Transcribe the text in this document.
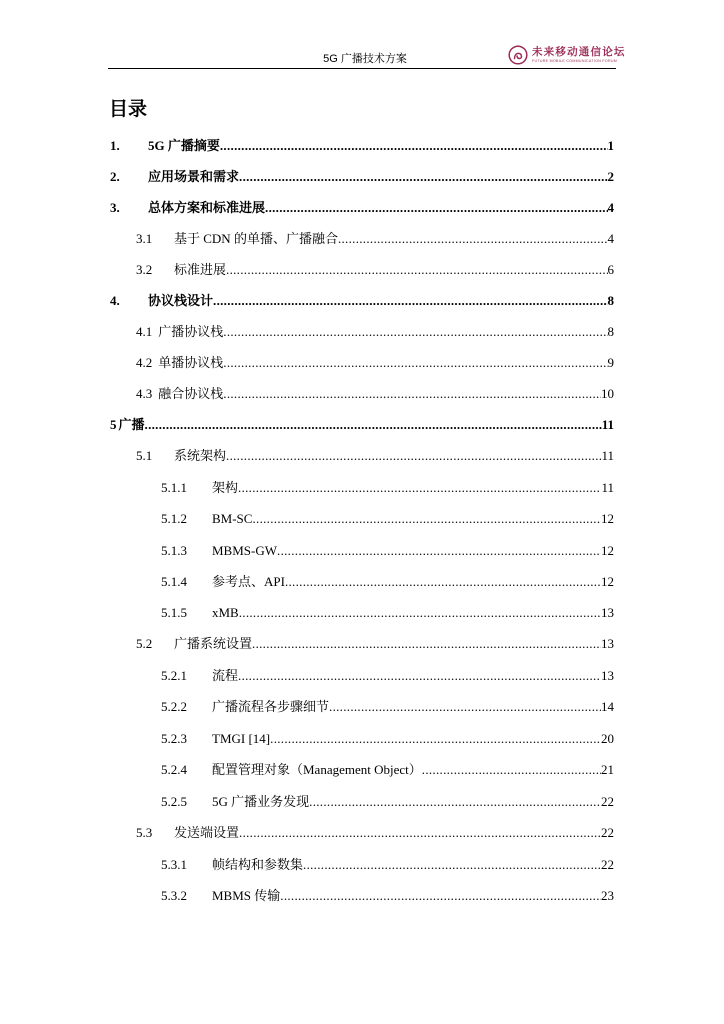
5G 广播技术方案
未来移动通信论坛
FUTURE MOBILE COMMUNICATION FORUM
目录
1.	5G 广播摘要 .....	1
2.	应用场景和需求 .....	2
3.	总体方案和标准进展 .....	4
3.1	基于 CDN 的单播、广播融合 .....	4
3.2	标准进展 .....	6
4.	协议栈设计 .....	8
4.1 广播协议栈 .....	8
4.2 单播协议栈 .....	9
4.3 融合协议栈 .....	10
5 广播 .....	11
5.1	系统架构 .....	11
5.1.1	架构 .....	11
5.1.2	BM-SC .....	12
5.1.3	MBMS-GW .....	12
5.1.4	参考点、API .....	12
5.1.5	xMB .....	13
5.2	广播系统设置 .....	13
5.2.1	流程 .....	13
5.2.2	广播流程各步骤细节 .....	14
5.2.3	TMGI [14] .....	20
5.2.4	配置管理对象（Management Object） .....	21
5.2.5	5G 广播业务发现 .....	22
5.3	发送端设置 .....	22
5.3.1	帧结构和参数集 .....	22
5.3.2	MBMS 传输 .....	23
